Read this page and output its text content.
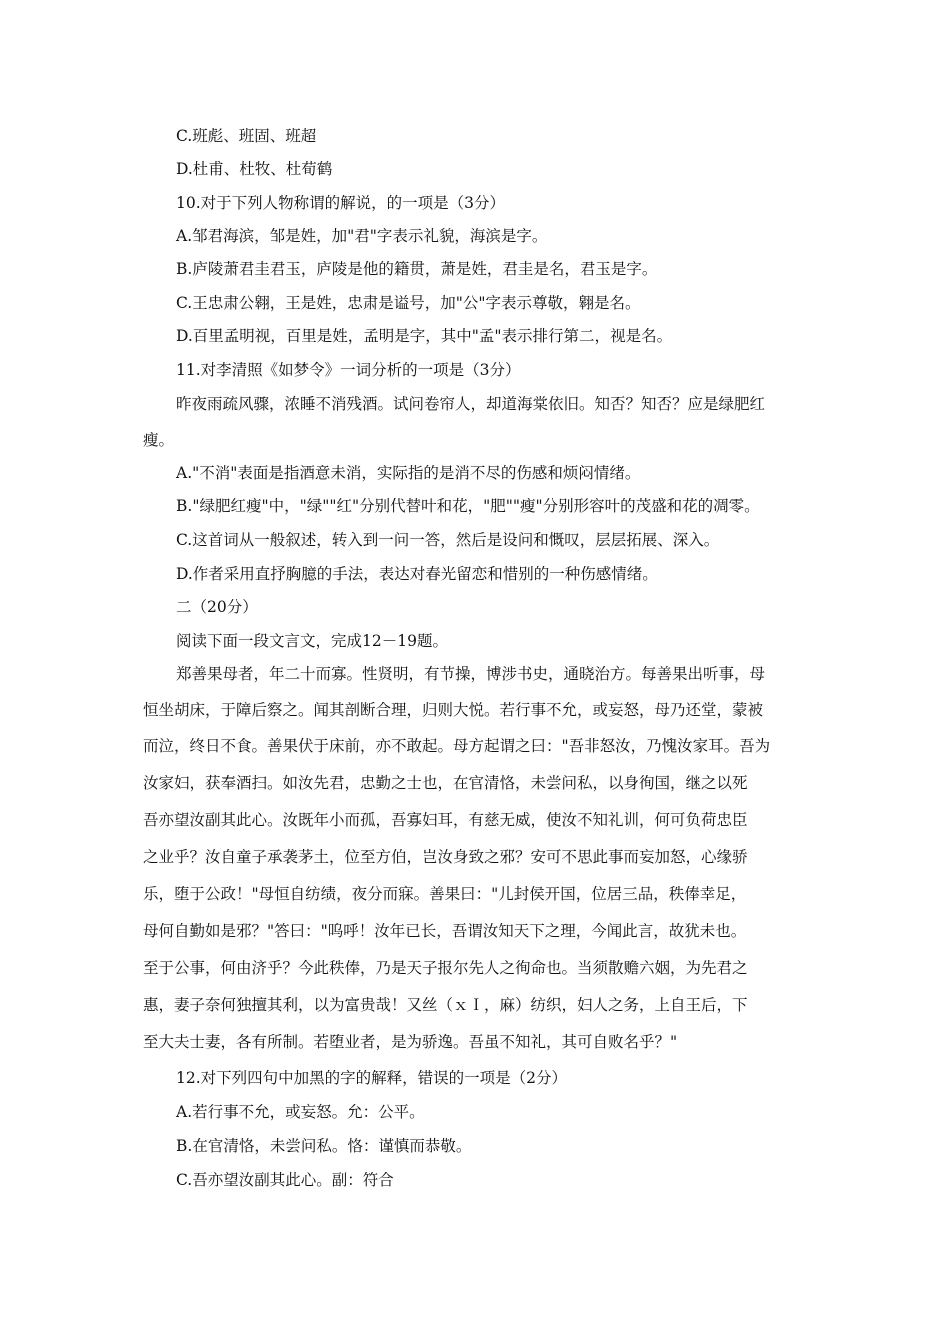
C.班彪、班固、班超
D.杜甫、杜牧、杜荀鹤
10.对于下列人物称谓的解说，的一项是（3分）
A.邹君海滨，邹是姓，加"君"字表示礼貌，海滨是字。
B.庐陵萧君圭君玉，庐陵是他的籍贯，萧是姓，君圭是名，君玉是字。
C.王忠肃公翱，王是姓，忠肃是谥号，加"公"字表示尊敬，翱是名。
D.百里孟明视，百里是姓，孟明是字，其中"孟"表示排行第二，视是名。
11.对李清照《如梦令》一词分析的一项是（3分）
昨夜雨疏风骤，浓睡不消残酒。试问卷帘人，却道海棠依旧。知否？知否？应是绿肥红
瘦。
A."不消"表面是指酒意未消，实际指的是消不尽的伤感和烦闷情绪。
B."绿肥红瘦"中，"绿""红"分别代替叶和花，"肥""瘦"分别形容叶的茂盛和花的凋零。
C.这首词从一般叙述，转入到一问一答，然后是设问和慨叹，层层拓展、深入。
D.作者采用直抒胸臆的手法，表达对春光留恋和惜别的一种伤感情绪。
二（20分）
阅读下面一段文言文，完成12－19题。
郑善果母者，年二十而寡。性贤明，有节操，博涉书史，通晓治方。每善果出听事，母
恒坐胡床，于障后察之。闻其剖断合理，归则大悦。若行事不允，或妄怒，母乃还堂，蒙被
而泣，终日不食。善果伏于床前，亦不敢起。母方起谓之曰："吾非怒汝，乃愧汝家耳。吾为
汝家妇，获奉酒扫。如汝先君，忠勤之士也，在官清恪，未尝问私，以身徇国，继之以死
吾亦望汝副其此心。汝既年小而孤，吾寡妇耳，有慈无威，使汝不知礼训，何可负荷忠臣
之业乎？汝自童子承袭茅土，位至方伯，岂汝身致之邪？安可不思此事而妄加怒，心缘骄
乐，堕于公政！"母恒自纺绩，夜分而寐。善果曰："儿封侯开国，位居三品，秩俸幸足，
母何自勤如是邪？"答曰："呜呼！汝年已长，吾谓汝知天下之理，今闻此言，故犹未也。
至于公事，何由济乎？今此秩俸，乃是天子报尔先人之徇命也。当须散赡六姻，为先君之
惠，妻子奈何独擅其利，以为富贵哉！又丝（ｘＩ，麻）纺织，妇人之务，上自王后，下
至大夫士妻，各有所制。若堕业者，是为骄逸。吾虽不知礼，其可自败名乎？"
12.对下列四句中加黑的字的解释，错误的一项是（2分）
A.若行事不允，或妄怒。允：公平。
B.在官清恪，未尝问私。恪：谨慎而恭敬。
C.吾亦望汝副其此心。副：符合
